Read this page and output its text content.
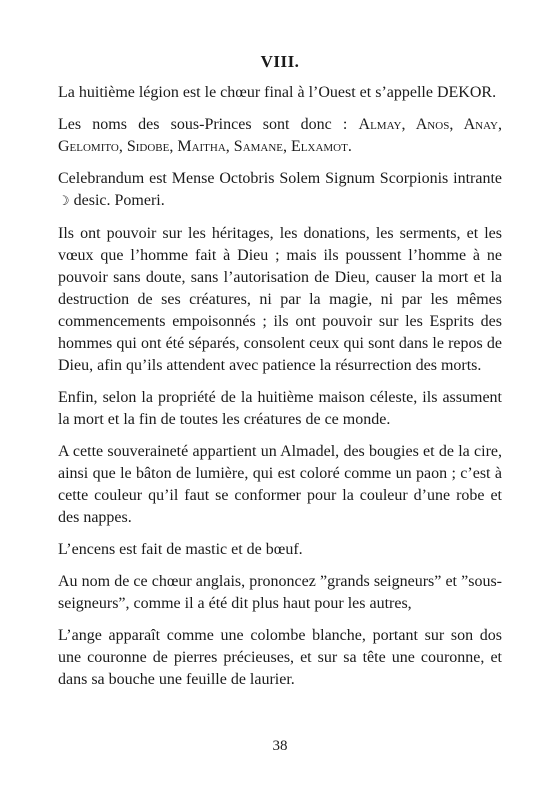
VIII.

La huitième légion est le chœur final à l’Ouest et s’appelle DEKOR.

Les noms des sous-Princes sont donc : Almay, Anos, Anay, Gelomito, Sidobe, Maitha, Samane, Elxamot.

Celebrandum est Mense Octobris Solem Signum Scorpionis intrante ☽ desic. Pomeri.

Ils ont pouvoir sur les héritages, les donations, les serments, et les vœux que l’homme fait à Dieu ; mais ils poussent l’homme à ne pouvoir sans doute, sans l’autorisation de Dieu, causer la mort et la destruction de ses créatures, ni par la magie, ni par les mêmes commencements empoisonnés ; ils ont pouvoir sur les Esprits des hommes qui ont été séparés, consolent ceux qui sont dans le repos de Dieu, afin qu’ils attendent avec patience la résurrection des morts.

Enfin, selon la propriété de la huitième maison céleste, ils assument la mort et la fin de toutes les créatures de ce monde.

A cette souveraineté appartient un Almadel, des bougies et de la cire, ainsi que le bâton de lumière, qui est coloré comme un paon ; c’est à cette couleur qu’il faut se conformer pour la couleur d’une robe et des nappes.

L’encens est fait de mastic et de bœuf.

Au nom de ce chœur anglais, prononcez ”grands seigneurs” et ”sous-seigneurs”, comme il a été dit plus haut pour les autres,

L’ange apparaît comme une colombe blanche, portant sur son dos une couronne de pierres précieuses, et sur sa tête une couronne, et dans sa bouche une feuille de laurier.

38
